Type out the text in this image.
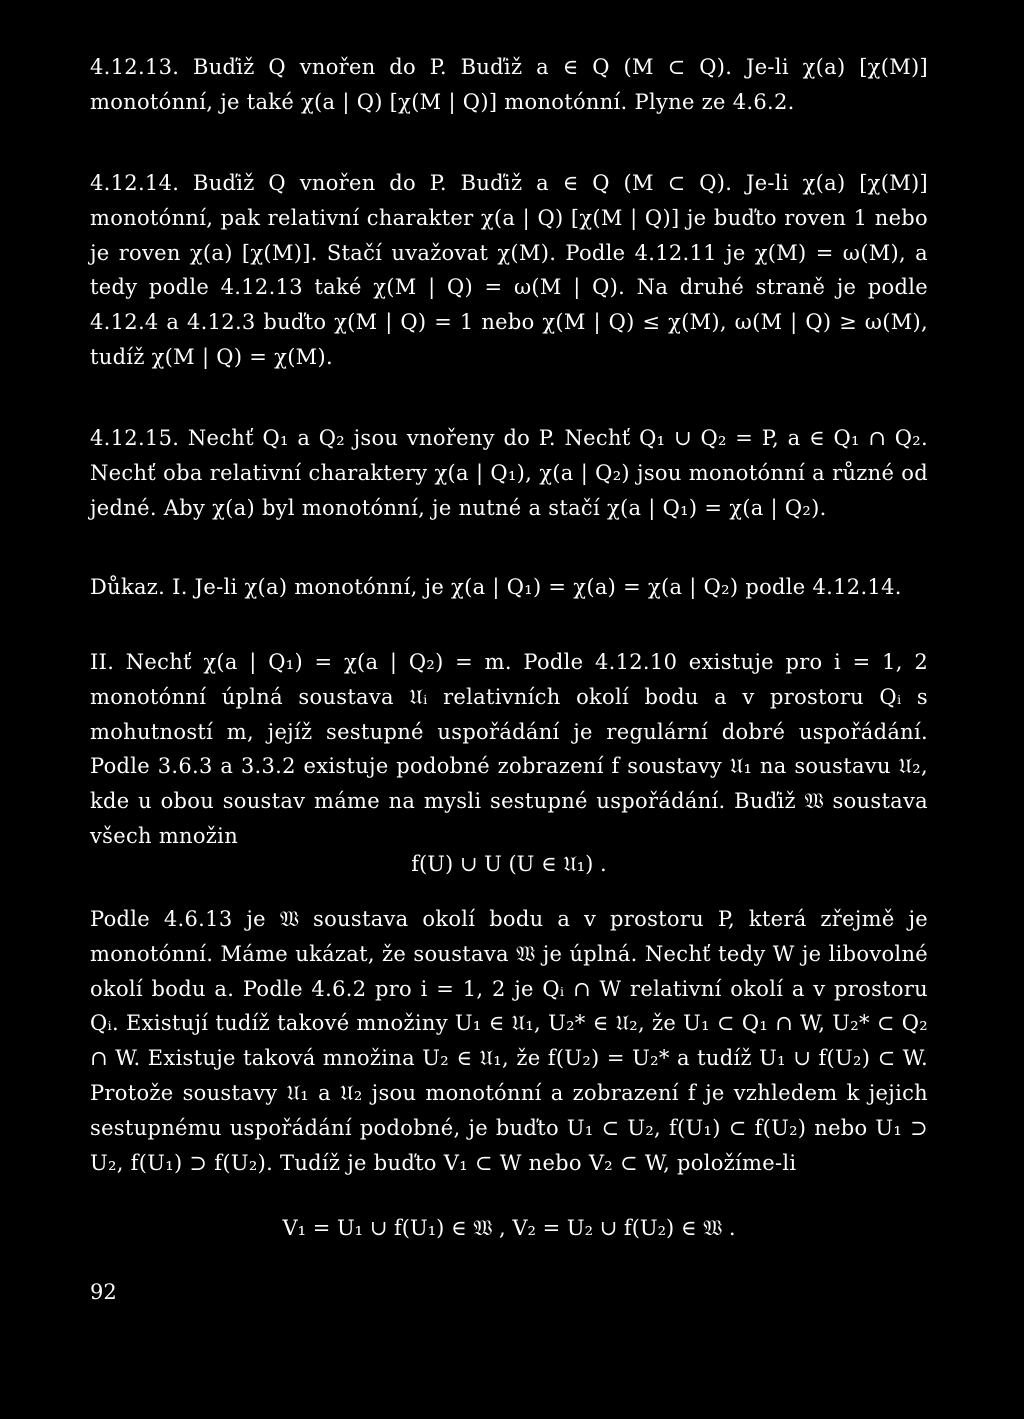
4.12.13. Buďiž Q vnořen do P. Buďiž a ∈ Q (M ⊂ Q). Je-li χ(a) [χ(M)] monotónní, je také χ(a | Q) [χ(M | Q)] monotónní. Plyne ze 4.6.2.
4.12.14. Buďiž Q vnořen do P. Buďiž a ∈ Q (M ⊂ Q). Je-li χ(a) [χ(M)] monotónní, pak relativní charakter χ(a | Q) [χ(M | Q)] je buďto roven 1 nebo je roven χ(a) [χ(M)]. Stačí uvažovat χ(M). Podle 4.12.11 je χ(M) = ω(M), a tedy podle 4.12.13 také χ(M | Q) = ω(M | Q). Na druhé straně je podle 4.12.4 a 4.12.3 buďto χ(M | Q) = 1 nebo χ(M | Q) ≤ χ(M), ω(M | Q) ≥ ω(M), tudíž χ(M | Q) = χ(M).
4.12.15. Nechť Q₁ a Q₂ jsou vnořeny do P. Nechť Q₁ ∪ Q₂ = P, a ∈ Q₁ ∩ Q₂. Nechť oba relativní charaktery χ(a | Q₁), χ(a | Q₂) jsou monotónní a různé od jedné. Aby χ(a) byl monotónní, je nutné a stačí χ(a | Q₁) = χ(a | Q₂).
Důkaz. I. Je-li χ(a) monotónní, je χ(a | Q₁) = χ(a) = χ(a | Q₂) podle 4.12.14.
II. Nechť χ(a | Q₁) = χ(a | Q₂) = m. Podle 4.12.10 existuje pro i = 1, 2 monotónní úplná soustava 𝔘ᵢ relativních okolí bodu a v prostoru Qᵢ s mohutností m, jejíž sestupné uspořádání je regulární dobré uspořádání. Podle 3.6.3 a 3.3.2 existuje podobné zobrazení f soustavy 𝔘₁ na soustavu 𝔘₂, kde u obou soustav máme na mysli sestupné uspořádání. Buďiž 𝔚 soustava všech množin
f(U) ∪ U (U ∈ 𝔘₁) .
Podle 4.6.13 je 𝔚 soustava okolí bodu a v prostoru P, která zřejmě je monotónní. Máme ukázat, že soustava 𝔚 je úplná. Nechť tedy W je libovolné okolí bodu a. Podle 4.6.2 pro i = 1, 2 je Qᵢ ∩ W relativní okolí a v prostoru Qᵢ. Existují tudíž takové množiny U₁ ∈ 𝔘₁, U₂* ∈ 𝔘₂, že U₁ ⊂ Q₁ ∩ W, U₂* ⊂ Q₂ ∩ W. Existuje taková množina U₂ ∈ 𝔘₁, že f(U₂) = U₂* a tudíž U₁ ∪ f(U₂) ⊂ W. Protože soustavy 𝔘₁ a 𝔘₂ jsou monotónní a zobrazení f je vzhledem k jejich sestupnému uspořádání podobné, je buďto U₁ ⊂ U₂, f(U₁) ⊂ f(U₂) nebo U₁ ⊃ U₂, f(U₁) ⊃ f(U₂). Tudíž je buďto V₁ ⊂ W nebo V₂ ⊂ W, položíme-li
V₁ = U₁ ∪ f(U₁) ∈ 𝔚 , V₂ = U₂ ∪ f(U₂) ∈ 𝔚 .
92
